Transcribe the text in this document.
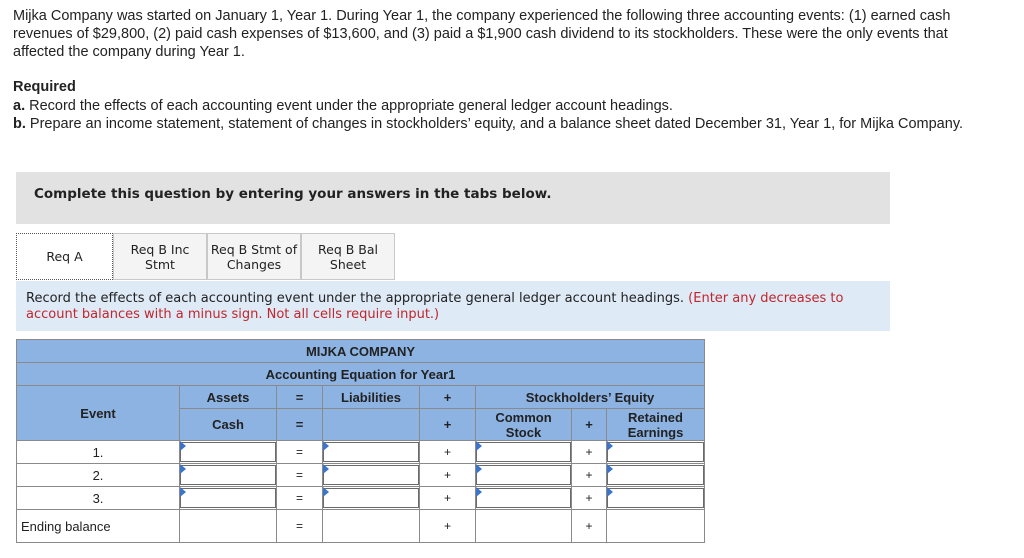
Mijka Company was started on January 1, Year 1. During Year 1, the company experienced the following three accounting events: (1) earned cash revenues of $29,800, (2) paid cash expenses of $13,600, and (3) paid a $1,900 cash dividend to its stockholders. These were the only events that affected the company during Year 1.
Required
a. Record the effects of each accounting event under the appropriate general ledger account headings.
b. Prepare an income statement, statement of changes in stockholders’ equity, and a balance sheet dated December 31, Year 1, for Mijka Company.
Complete this question by entering your answers in the tabs below.
Req A	Req B Inc
Stmt
Req B Stmt of
Changes
Req B Bal
Sheet

Record the effects of each accounting event under the appropriate general ledger account headings. (Enter any decreases to account balances with a minus sign. Not all cells require input.)

MIJKA COMPANY							
Accounting Equation for Year1							
Event	Assets	=	Liabilities	+	Stockholders’ Equity		
	Cash	=		+	Common Stock	+	Retained Earnings
1.		=		+		+	

2.		=		+		+	

3.		=		+		+	

Ending balance		=		+		+	
